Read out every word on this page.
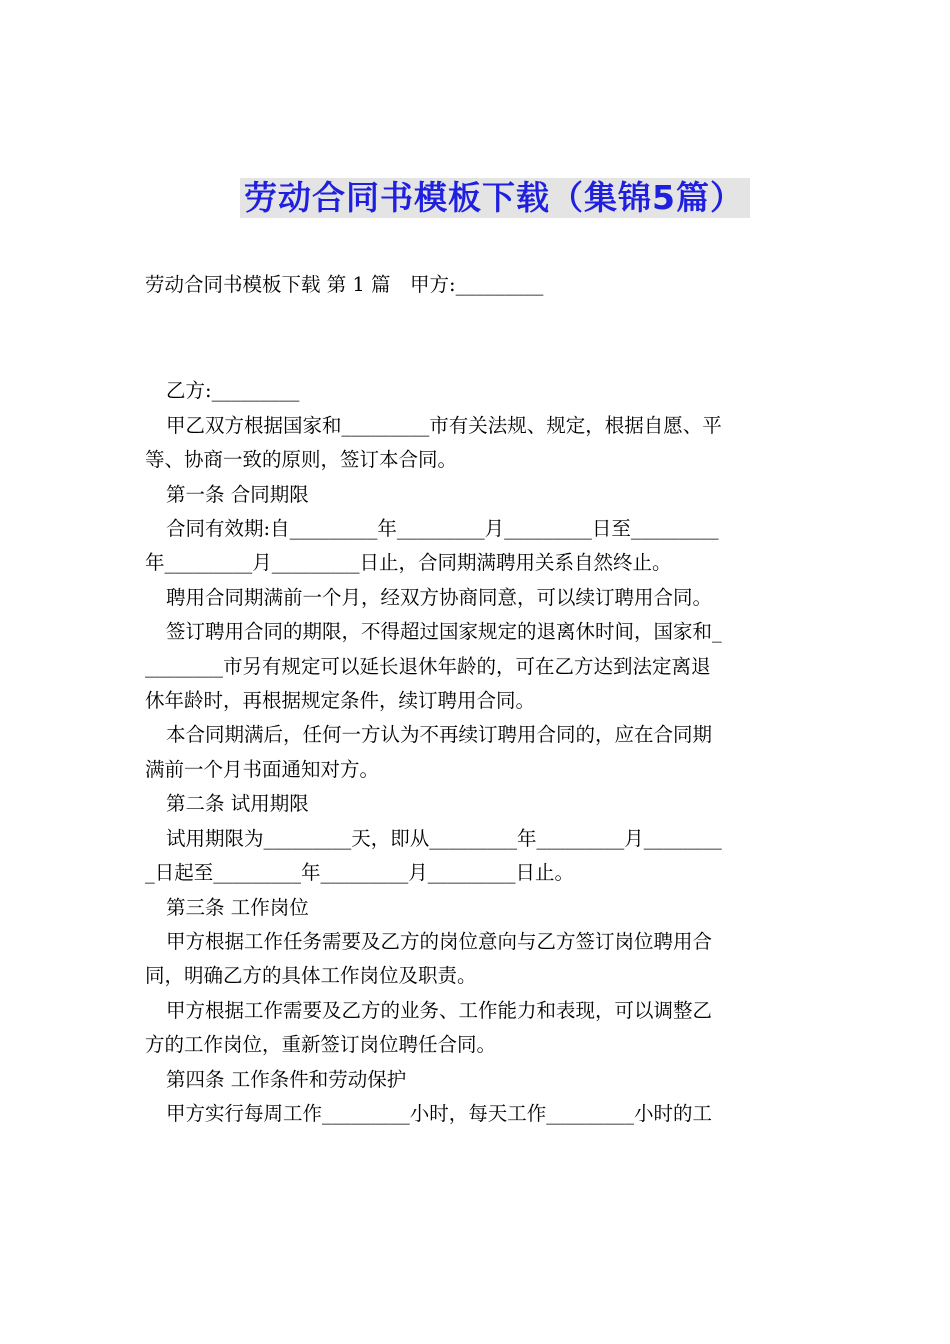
劳动合同书模板下载（集锦5篇）

劳动合同书模板下载 第 1 篇　甲方:_________

乙方:_________

甲乙双方根据国家和_________市有关法规、规定，根据自愿、平

等、协商一致的原则，签订本合同。

第一条 合同期限

合同有效期:自_________年_________月_________日至_________

年_________月_________日止，合同期满聘用关系自然终止。

聘用合同期满前一个月，经双方协商同意，可以续订聘用合同。

签订聘用合同的期限，不得超过国家规定的退离休时间，国家和_

________市另有规定可以延长退休年龄的，可在乙方达到法定离退

休年龄时，再根据规定条件，续订聘用合同。

本合同期满后，任何一方认为不再续订聘用合同的，应在合同期

满前一个月书面通知对方。

第二条 试用期限

试用期限为_________天，即从_________年_________月________

_日起至_________年_________月_________日止。

第三条 工作岗位

甲方根据工作任务需要及乙方的岗位意向与乙方签订岗位聘用合

同，明确乙方的具体工作岗位及职责。

甲方根据工作需要及乙方的业务、工作能力和表现，可以调整乙

方的工作岗位，重新签订岗位聘任合同。

第四条 工作条件和劳动保护

甲方实行每周工作_________小时，每天工作_________小时的工
